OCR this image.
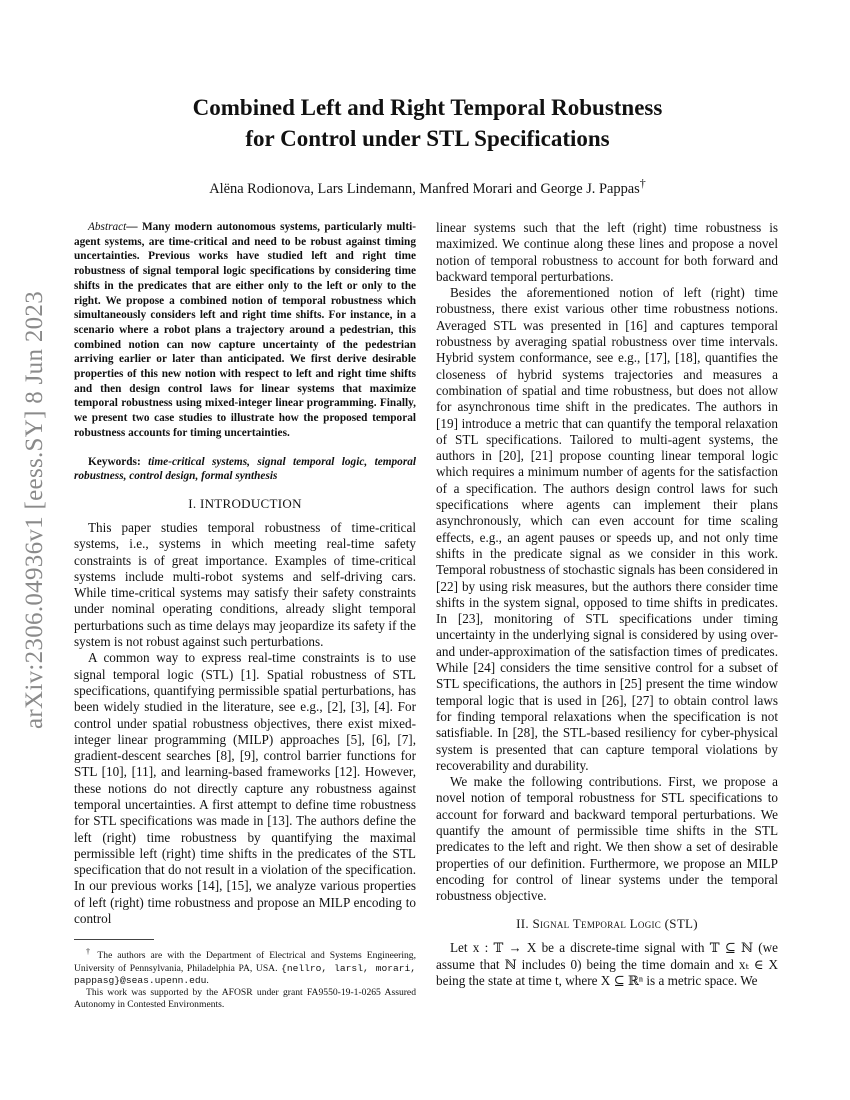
arXiv:2306.04936v1 [eess.SY] 8 Jun 2023
Combined Left and Right Temporal Robustness
for Control under STL Specifications
Alëna Rodionova, Lars Lindemann, Manfred Morari and George J. Pappas†

Abstract— Many modern autonomous systems, particularly multi-agent systems, are time-critical and need to be robust against timing uncertainties. Previous works have studied left and right time robustness of signal temporal logic specifications by considering time shifts in the predicates that are either only to the left or only to the right. We propose a combined notion of temporal robustness which simultaneously considers left and right time shifts. For instance, in a scenario where a robot plans a trajectory around a pedestrian, this combined notion can now capture uncertainty of the pedestrian arriving earlier or later than anticipated. We first derive desirable properties of this new notion with respect to left and right time shifts and then design control laws for linear systems that maximize temporal robustness using mixed-integer linear programming. Finally, we present two case studies to illustrate how the proposed temporal robustness accounts for timing uncertainties.

Keywords: time-critical systems, signal temporal logic, temporal robustness, control design, formal synthesis

I. INTRODUCTION

This paper studies temporal robustness of time-critical systems, i.e., systems in which meeting real-time safety constraints is of great importance. Examples of time-critical systems include multi-robot systems and self-driving cars. While time-critical systems may satisfy their safety constraints under nominal operating conditions, already slight temporal perturbations such as time delays may jeopardize its safety if the system is not robust against such perturbations.

A common way to express real-time constraints is to use signal temporal logic (STL) [1]. Spatial robustness of STL specifications, quantifying permissible spatial perturbations, has been widely studied in the literature, see e.g., [2], [3], [4]. For control under spatial robustness objectives, there exist mixed-integer linear programming (MILP) approaches [5], [6], [7], gradient-descent searches [8], [9], control barrier functions for STL [10], [11], and learning-based frameworks [12]. However, these notions do not directly capture any robustness against temporal uncertainties. A first attempt to define time robustness for STL specifications was made in [13]. The authors define the left (right) time robustness by quantifying the maximal permissible left (right) time shifts in the predicates of the STL specification that do not result in a violation of the specification. In our previous works [14], [15], we analyze various properties of left (right) time robustness and propose an MILP encoding to control

† The authors are with the Department of Electrical and Systems Engineering, University of Pennsylvania, Philadelphia PA, USA. {nellro, larsl, morari, pappasg}@seas.upenn.edu.

This work was supported by the AFOSR under grant FA9550-19-1-0265 Assured Autonomy in Contested Environments.

linear systems such that the left (right) time robustness is maximized. We continue along these lines and propose a novel notion of temporal robustness to account for both forward and backward temporal perturbations.

Besides the aforementioned notion of left (right) time robustness, there exist various other time robustness notions. Averaged STL was presented in [16] and captures temporal robustness by averaging spatial robustness over time intervals. Hybrid system conformance, see e.g., [17], [18], quantifies the closeness of hybrid systems trajectories and measures a combination of spatial and time robustness, but does not allow for asynchronous time shift in the predicates. The authors in [19] introduce a metric that can quantify the temporal relaxation of STL specifications. Tailored to multi-agent systems, the authors in [20], [21] propose counting linear temporal logic which requires a minimum number of agents for the satisfaction of a specification. The authors design control laws for such specifications where agents can implement their plans asynchronously, which can even account for time scaling effects, e.g., an agent pauses or speeds up, and not only time shifts in the predicate signal as we consider in this work. Temporal robustness of stochastic signals has been considered in [22] by using risk measures, but the authors there consider time shifts in the system signal, opposed to time shifts in predicates. In [23], monitoring of STL specifications under timing uncertainty in the underlying signal is considered by using over- and under-approximation of the satisfaction times of predicates. While [24] considers the time sensitive control for a subset of STL specifications, the authors in [25] present the time window temporal logic that is used in [26], [27] to obtain control laws for finding temporal relaxations when the specification is not satisfiable. In [28], the STL-based resiliency for cyber-physical system is presented that can capture temporal violations by recoverability and durability.

We make the following contributions. First, we propose a novel notion of temporal robustness for STL specifications to account for forward and backward temporal perturbations. We quantify the amount of permissible time shifts in the STL predicates to the left and right. We then show a set of desirable properties of our definition. Furthermore, we propose an MILP encoding for control of linear systems under the temporal robustness objective.

II. Signal Temporal Logic (STL)

Let x : 𝕋 → X be a discrete-time signal with 𝕋 ⊆ ℕ (we assume that ℕ includes 0) being the time domain and xₜ ∈ X being the state at time t, where X ⊆ ℝⁿ is a metric space. We
